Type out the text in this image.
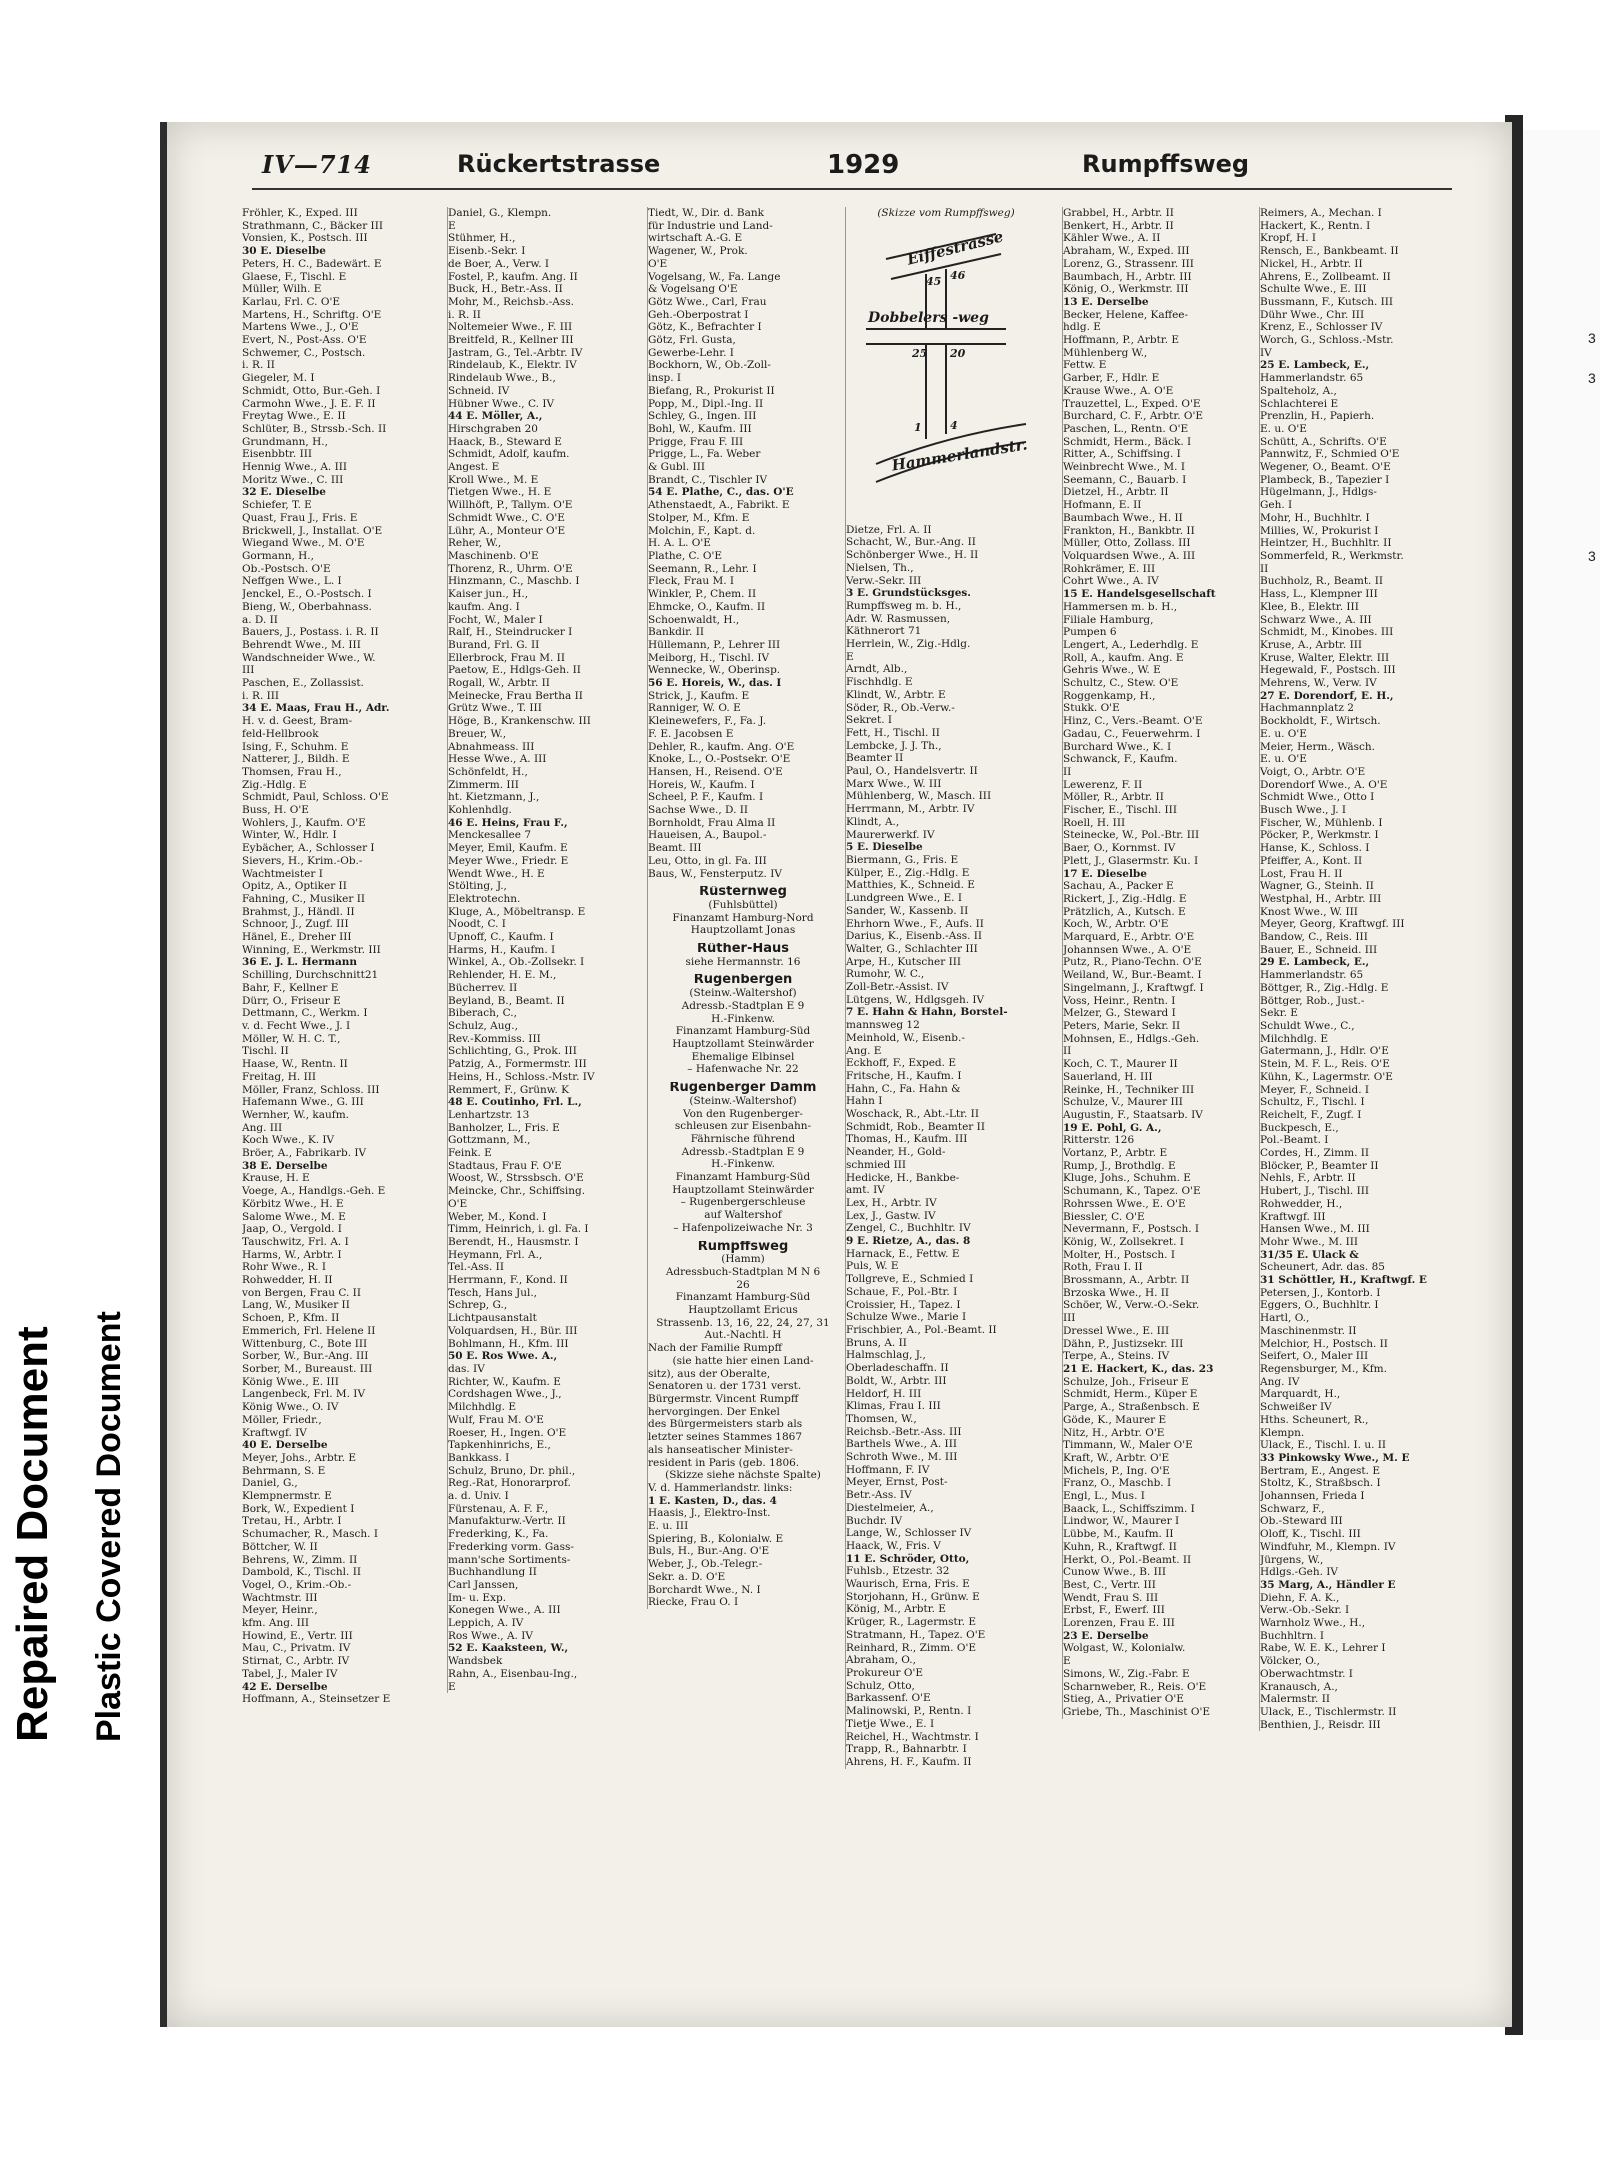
Repaired Document Plastic Covered Document
3
3
3
IV—714	Rückertstrasse	1929	Rumpffsweg

Fröhler, K., Exped. III

Strathmann, C., Bäcker III

Vonsien, K., Postsch. III

30 E. Dieselbe

Peters, H. C., Badewärt. E

Glaese, F., Tischl. E

Müller, Wilh. E

Karlau, Frl. C. O'E

Martens, H., Schriftg. O'E

Martens Wwe., J., O'E

Evert, N., Post-Ass. O'E

Schwemer, C., Postsch.

i. R. II

Giegeler, M. I

Schmidt, Otto, Bur.-Geh. I

Carmohn Wwe., J. E. F. II

Freytag Wwe., E. II

Schlüter, B., Strssb.-Sch. II

Grundmann, H.,

Eisenbbtr. III

Hennig Wwe., A. III

Moritz Wwe., C. III

32 E. Dieselbe

Schiefer, T. E

Quast, Frau J., Fris. E

Brickwell, J., Installat. O'E

Wiegand Wwe., M. O'E

Gormann, H.,

Ob.-Postsch. O'E

Neffgen Wwe., L. I

Jenckel, E., O.-Postsch. I

Bieng, W., Oberbahnass.

a. D. II

Bauers, J., Postass. i. R. II

Behrendt Wwe., M. III

Wandschneider Wwe., W.

III

Paschen, E., Zollassist.

i. R. III

34 E. Maas, Frau H., Adr.

H. v. d. Geest, Bram-

feld-Hellbrook

Ising, F., Schuhm. E

Natterer, J., Bildh. E

Thomsen, Frau H.,

Zig.-Hdlg. E

Schmidt, Paul, Schloss. O'E

Buss, H. O'E

Wohlers, J., Kaufm. O'E

Winter, W., Hdlr. I

Eybächer, A., Schlosser I

Sievers, H., Krim.-Ob.-

Wachtmeister I

Opitz, A., Optiker II

Fahning, C., Musiker II

Brahmst, J., Händl. II

Schnoor, J., Zugf. III

Hänel, E., Dreher III

Winning, E., Werkmstr. III

36 E. J. L. Hermann

Schilling, Durchschnitt21

Bahr, F., Kellner E

Dürr, O., Friseur E

Dettmann, C., Werkm. I

v. d. Fecht Wwe., J. I

Möller, W. H. C. T.,

Tischl. II

Haase, W., Rentn. II

Freitag, H. III

Möller, Franz, Schloss. III

Hafemann Wwe., G. III

Wernher, W., kaufm.

Ang. III

Koch Wwe., K. IV

Bröer, A., Fabrikarb. IV

38 E. Derselbe

Krause, H. E

Voege, A., Handlgs.-Geh. E

Körbitz Wwe., H. E

Salome Wwe., M. E

Jaap, O., Vergold. I

Tauschwitz, Frl. A. I

Harms, W., Arbtr. I

Rohr Wwe., R. I

Rohwedder, H. II

von Bergen, Frau C. II

Lang, W., Musiker II

Schoen, P., Kfm. II

Emmerich, Frl. Helene II

Wittenburg, C., Bote III

Sorber, W., Bur.-Ang. III

Sorber, M., Bureaust. III

König Wwe., E. III

Langenbeck, Frl. M. IV

König Wwe., O. IV

Möller, Friedr.,

Kraftwgf. IV

40 E. Derselbe

Meyer, Johs., Arbtr. E

Behrmann, S. E

Daniel, G.,

Klempnermstr. E

Bork, W., Expedient I

Tretau, H., Arbtr. I

Schumacher, R., Masch. I

Böttcher, W. II

Behrens, W., Zimm. II

Dambold, K., Tischl. II

Vogel, O., Krim.-Ob.-

Wachtmstr. III

Meyer, Heinr.,

kfm. Ang. III

Howind, E., Vertr. III

Mau, C., Privatm. IV

Stirnat, C., Arbtr. IV

Tabel, J., Maler IV

42 E. Derselbe

Hoffmann, A., Steinsetzer E

Daniel, G., Klempn.

E

Stühmer, H.,

Eisenb.-Sekr. I

de Boer, A., Verw. I

Fostel, P., kaufm. Ang. II

Buck, H., Betr.-Ass. II

Mohr, M., Reichsb.-Ass.

i. R. II

Noltemeier Wwe., F. III

Breitfeld, R., Kellner III

Jastram, G., Tel.-Arbtr. IV

Rindelaub, K., Elektr. IV

Rindelaub Wwe., B.,

Schneid. IV

Hübner Wwe., C. IV

44 E. Möller, A.,

Hirschgraben 20

Haack, B., Steward E

Schmidt, Adolf, kaufm.

Angest. E

Kroll Wwe., M. E

Tietgen Wwe., H. E

Willhöft, P., Tallym. O'E

Schmidt Wwe., C. O'E

Lühr, A., Monteur O'E

Reher, W.,

Maschinenb. O'E

Thorenz, R., Uhrm. O'E

Hinzmann, C., Maschb. I

Kaiser jun., H.,

kaufm. Ang. I

Focht, W., Maler I

Ralf, H., Steindrucker I

Burand, Frl. G. II

Ellerbrock, Frau M. II

Paetow, E., Hdlgs-Geh. II

Rogall, W., Arbtr. II

Meinecke, Frau Bertha II

Grütz Wwe., T. III

Höge, B., Krankenschw. III

Breuer, W.,

Abnahmeass. III

Hesse Wwe., A. III

Schönfeldt, H.,

Zimmerm. III

ht. Kietzmann, J.,

Kohlenhdlg.

46 E. Heins, Frau F.,

Menckesallee 7

Meyer, Emil, Kaufm. E

Meyer Wwe., Friedr. E

Wendt Wwe., H. E

Stölting, J.,

Elektrotechn.

Kluge, A., Möbeltransp. E

Noodt, C. I

Upnoff, C., Kaufm. I

Harms, H., Kaufm. I

Winkel, A., Ob.-Zollsekr. I

Rehlender, H. E. M.,

Bücherrev. II

Beyland, B., Beamt. II

Biberach, C.,

Schulz, Aug.,

Rev.-Kommiss. III

Schlichting, G., Prok. III

Patzig, A., Formermstr. III

Heins, H., Schloss.-Mstr. IV

Remmert, F., Grünw. K

48 E. Coutinho, Frl. L.,

Lenhartzstr. 13

Banholzer, L., Fris. E

Gottzmann, M.,

Feink. E

Stadtaus, Frau F. O'E

Woost, W., Strssbsch. O'E

Meincke, Chr., Schiffsing.

O'E

Weber, M., Kond. I

Timm, Heinrich, i. gl. Fa. I

Berendt, H., Hausmstr. I

Heymann, Frl. A.,

Tel.-Ass. II

Herrmann, F., Kond. II

Tesch, Hans Jul.,

Schrep, G.,

Lichtpausanstalt

Volquardsen, H., Bür. III

Bohlmann, H., Kfm. III

50 E. Ros Wwe. A.,

das. IV

Richter, W., Kaufm. E

Cordshagen Wwe., J.,

Milchhdlg. E

Wulf, Frau M. O'E

Roeser, H., Ingen. O'E

Tapkenhinrichs, E.,

Bankkass. I

Schulz, Bruno, Dr. phil.,

Reg.-Rat, Honorarprof.

a. d. Univ. I

Fürstenau, A. F. F.,

Manufakturw.-Vertr. II

Frederking, K., Fa.

Frederking vorm. Gass-

mann'sche Sortiments-

Buchhandlung II

Carl Janssen,

Im- u. Exp.

Konegen Wwe., A. III

Leppich, A. IV

Ros Wwe., A. IV

52 E. Kaaksteen, W.,

Wandsbek

Rahn, A., Eisenbau-Ing.,

E

Tiedt, W., Dir. d. Bank

für Industrie und Land-

wirtschaft A.-G. E

Wagener, W., Prok.

O'E

Vogelsang, W., Fa. Lange

& Vogelsang O'E

Götz Wwe., Carl, Frau

Geh.-Oberpostrat I

Götz, K., Befrachter I

Götz, Frl. Gusta,

Gewerbe-Lehr. I

Bockhorn, W., Ob.-Zoll-

insp. I

Biefang, R., Prokurist II

Popp, M., Dipl.-Ing. II

Schley, G., Ingen. III

Bohl, W., Kaufm. III

Prigge, Frau F. III

Prigge, L., Fa. Weber

& Gubl. III

Brandt, C., Tischler IV

54 E. Plathe, C., das. O'E

Athenstaedt, A., Fabrikt. E

Stolper, M., Kfm. E

Molchin, F., Kapt. d.

H. A. L. O'E

Plathe, C. O'E

Seemann, R., Lehr. I

Fleck, Frau M. I

Winkler, P., Chem. II

Ehmcke, O., Kaufm. II

Schoenwaldt, H.,

Bankdir. II

Hüllemann, P., Lehrer III

Meiborg, H., Tischl. IV

Wennecke, W., Oberinsp.

56 E. Horeis, W., das. I

Strick, J., Kaufm. E

Ranniger, W. O. E

Kleinewefers, F., Fa. J.

F. E. Jacobsen E

Dehler, R., kaufm. Ang. O'E

Knoke, L., O.-Postsekr. O'E

Hansen, H., Reisend. O'E

Horeis, W., Kaufm. I

Scheel, P. F., Kaufm. I

Sachse Wwe., D. II

Bornholdt, Frau Alma II

Haueisen, A., Baupol.-

Beamt. III

Leu, Otto, in gl. Fa. III

Baus, W., Fensterputz. IV

Rüsternweg

(Fuhlsbüttel)

Finanzamt Hamburg-Nord

Hauptzollamt Jonas

Rüther-Haus

siehe Hermannstr. 16

Rugenbergen

(Steinw.-Waltershof)

Adressb.-Stadtplan E 9

H.-Finkenw.

Finanzamt Hamburg-Süd

Hauptzollamt Steinwärder

Ehemalige Elbinsel

– Hafenwache Nr. 22

Rugenberger Damm

(Steinw.-Waltershof)

Von den Rugenberger-

schleusen zur Eisenbahn-

Fährnische führend

Adressb.-Stadtplan E 9

H.-Finkenw.

Finanzamt Hamburg-Süd

Hauptzollamt Steinwärder

– Rugenbergerschleuse

auf Waltershof

– Hafenpolizeiwache Nr. 3

Rumpffsweg

(Hamm)

Adressbuch-Stadtplan M N 6

26

Finanzamt Hamburg-Süd

Hauptzollamt Ericus

Strassenb. 13, 16, 22, 24, 27, 31

Aut.-Nachtl. H

Nach der Familie Rumpff

(sie hatte hier einen Land-

sitz), aus der Oberalte,

Senatoren u. der 1731 verst.

Bürgermstr. Vincent Rumpff

hervorgingen. Der Enkel

des Bürgermeisters starb als

letzter seines Stammes 1867

als hanseatischer Minister-

resident in Paris (geb. 1806.

(Skizze siehe nächste Spalte)

V. d. Hammerlandstr. links:

1 E. Kasten, D., das. 4

Haasis, J., Elektro-Inst.

E. u. III

Spiering, B., Kolonialw. E

Buls, H., Bur.-Ang. O'E

Weber, J., Ob.-Telegr.-

Sekr. a. D. O'E

Borchardt Wwe., N. I

Riecke, Frau O. I

(Skizze vom Rumpffsweg)

Eiffestrasse
45 46
Dobbelers -weg
25 20
1	4
Hammerlandstr.

Dietze, Frl. A. II

Schacht, W., Bur.-Ang. II

Schönberger Wwe., H. II

Nielsen, Th.,

Verw.-Sekr. III

3 E. Grundstücksges.

Rumpffsweg m. b. H.,

Adr. W. Rasmussen,

Käthnerort 71

Herrlein, W., Zig.-Hdlg.

E

Arndt, Alb.,

Fischhdlg. E

Klindt, W., Arbtr. E

Söder, R., Ob.-Verw.-

Sekret. I

Fett, H., Tischl. II

Lembcke, J. J. Th.,

Beamter II

Paul, O., Handelsvertr. II

Marx Wwe., W. III

Mühlenberg, W., Masch. III

Herrmann, M., Arbtr. IV

Klindt, A.,

Maurerwerkf. IV

5 E. Dieselbe

Biermann, G., Fris. E

Külper, E., Zig.-Hdlg. E

Matthies, K., Schneid. E

Lundgreen Wwe., E. I

Sander, W., Kassenb. II

Ehrhorn Wwe., F., Aufs. II

Darius, K., Eisenb.-Ass. II

Walter, G., Schlachter III

Arpe, H., Kutscher III

Rumohr, W. C.,

Zoll-Betr.-Assist. IV

Lütgens, W., Hdlgsgeh. IV

7 E. Hahn & Hahn, Borstel-

mannsweg 12

Meinhold, W., Eisenb.-

Ang. E

Eckhoff, F., Exped. E

Fritsche, H., Kaufm. I

Hahn, C., Fa. Hahn &

Hahn I

Woschack, R., Abt.-Ltr. II

Schmidt, Rob., Beamter II

Thomas, H., Kaufm. III

Neander, H., Gold-

schmied III

Hedicke, H., Bankbe-

amt. IV

Lex, H., Arbtr. IV

Lex, J., Gastw. IV

Zengel, C., Buchhltr. IV

9 E. Rietze, A., das. 8

Harnack, E., Fettw. E

Puls, W. E

Tollgreve, E., Schmied I

Schaue, F., Pol.-Btr. I

Croissier, H., Tapez. I

Schulze Wwe., Marie I

Frischbier, A., Pol.-Beamt. II

Bruns, A. II

Halmschlag, J.,

Oberladeschaffn. II

Boldt, W., Arbtr. III

Heldorf, H. III

Klimas, Frau I. III

Thomsen, W.,

Reichsb.-Betr.-Ass. III

Barthels Wwe., A. III

Schroth Wwe., M. III

Hoffmann, F. IV

Meyer, Ernst, Post-

Betr.-Ass. IV

Diestelmeier, A.,

Buchdr. IV

Lange, W., Schlosser IV

Haack, W., Fris. V

11 E. Schröder, Otto,

Fuhlsb., Etzestr. 32

Waurisch, Erna, Fris. E

Storjohann, H., Grünw. E

König, M., Arbtr. E

Krüger, R., Lagermstr. E

Stratmann, H., Tapez. O'E

Reinhard, R., Zimm. O'E

Abraham, O.,

Prokureur O'E

Schulz, Otto,

Barkassenf. O'E

Malinowski, P., Rentn. I

Tietje Wwe., E. I

Reichel, H., Wachtmstr. I

Trapp, R., Bahnarbtr. I

Ahrens, H. F., Kaufm. II

Grabbel, H., Arbtr. II

Benkert, H., Arbtr. II

Kähler Wwe., A. II

Abraham, W., Exped. III

Lorenz, G., Strassenr. III

Baumbach, H., Arbtr. III

König, O., Werkmstr. III

13 E. Derselbe

Becker, Helene, Kaffee-

hdlg. E

Hoffmann, P., Arbtr. E

Mühlenberg W.,

Fettw. E

Garber, F., Hdlr. E

Krause Wwe., A. O'E

Trauzettel, L., Exped. O'E

Burchard, C. F., Arbtr. O'E

Paschen, L., Rentn. O'E

Schmidt, Herm., Bäck. I

Ritter, A., Schiffsing. I

Weinbrecht Wwe., M. I

Seemann, C., Bauarb. I

Dietzel, H., Arbtr. II

Hofmann, E. II

Baumbach Wwe., H. II

Frankton, H., Bankbtr. II

Müller, Otto, Zollass. III

Volquardsen Wwe., A. III

Rohkrämer, E. III

Cohrt Wwe., A. IV

15 E. Handelsgesellschaft

Hammersen m. b. H.,

Filiale Hamburg,

Pumpen 6

Lengert, A., Lederhdlg. E

Roll, A., kaufm. Ang. E

Gehris Wwe., W. E

Schultz, C., Stew. O'E

Roggenkamp, H.,

Stukk. O'E

Hinz, C., Vers.-Beamt. O'E

Gadau, C., Feuerwehrm. I

Burchard Wwe., K. I

Schwanck, F., Kaufm.

II

Lewerenz, F. II

Möller, R., Arbtr. II

Fischer, E., Tischl. III

Roell, H. III

Steinecke, W., Pol.-Btr. III

Baer, O., Kornmst. IV

Plett, J., Glasermstr. Ku. I

17 E. Dieselbe

Sachau, A., Packer E

Rickert, J., Zig.-Hdlg. E

Prätzlich, A., Kutsch. E

Koch, W., Arbtr. O'E

Marquard, E., Arbtr. O'E

Johannsen Wwe., A. O'E

Putz, R., Piano-Techn. O'E

Weiland, W., Bur.-Beamt. I

Singelmann, J., Kraftwgf. I

Voss, Heinr., Rentn. I

Melzer, G., Steward I

Peters, Marie, Sekr. II

Mohnsen, E., Hdlgs.-Geh.

II

Koch, C. T., Maurer II

Sauerland, H. III

Reinke, H., Techniker III

Schulze, V., Maurer III

Augustin, F., Staatsarb. IV

19 E. Pohl, G. A.,

Ritterstr. 126

Vortanz, P., Arbtr. E

Rump, J., Brothdlg. E

Kluge, Johs., Schuhm. E

Schumann, K., Tapez. O'E

Rohrssen Wwe., E. O'E

Biessler, C. O'E

Nevermann, F., Postsch. I

König, W., Zollsekret. I

Molter, H., Postsch. I

Roth, Frau I. II

Brossmann, A., Arbtr. II

Brzoska Wwe., H. II

Schöer, W., Verw.-O.-Sekr.

III

Dressel Wwe., E. III

Dähn, P., Justizsekr. III

Terpe, A., Steins. IV

21 E. Hackert, K., das. 23

Schulze, Joh., Friseur E

Schmidt, Herm., Küper E

Parge, A., Straßenbsch. E

Göde, K., Maurer E

Nitz, H., Arbtr. O'E

Timmann, W., Maler O'E

Kraft, W., Arbtr. O'E

Michels, P., Ing. O'E

Franz, O., Maschb. I

Engl, L., Mus. I

Baack, L., Schiffszimm. I

Lindwor, W., Maurer I

Lübbe, M., Kaufm. II

Kuhn, R., Kraftwgf. II

Herkt, O., Pol.-Beamt. II

Cunow Wwe., B. III

Best, C., Vertr. III

Wendt, Frau S. III

Erbst, F., Ewerf. III

Lorenzen, Frau E. III

23 E. Derselbe

Wolgast, W., Kolonialw.

E

Simons, W., Zig.-Fabr. E

Scharnweber, R., Reis. O'E

Stieg, A., Privatier O'E

Griebe, Th., Maschinist O'E

Reimers, A., Mechan. I

Hackert, K., Rentn. I

Kropf, H. I

Rensch, E., Bankbeamt. II

Nickel, H., Arbtr. II

Ahrens, E., Zollbeamt. II

Schulte Wwe., E. III

Bussmann, F., Kutsch. III

Dühr Wwe., Chr. III

Krenz, E., Schlosser IV

Worch, G., Schloss.-Mstr.

IV

25 E. Lambeck, E.,

Hammerlandstr. 65

Spalteholz, A.,

Schlachterei E

Prenzlin, H., Papierh.

E. u. O'E

Schütt, A., Schrifts. O'E

Pannwitz, F., Schmied O'E

Wegener, O., Beamt. O'E

Plambeck, B., Tapezier I

Hügelmann, J., Hdlgs-

Geh. I

Mohr, H., Buchhltr. I

Millies, W., Prokurist I

Heintzer, H., Buchhltr. II

Sommerfeld, R., Werkmstr.

II

Buchholz, R., Beamt. II

Hass, L., Klempner III

Klee, B., Elektr. III

Schwarz Wwe., A. III

Schmidt, M., Kinobes. III

Kruse, A., Arbtr. III

Kruse, Walter, Elektr. III

Hegewald, F., Postsch. III

Mehrens, W., Verw. IV

27 E. Dorendorf, E. H.,

Hachmannplatz 2

Bockholdt, F., Wirtsch.

E. u. O'E

Meier, Herm., Wäsch.

E. u. O'E

Voigt, O., Arbtr. O'E

Dorendorf Wwe., A. O'E

Schmidt Wwe., Otto I

Busch Wwe., J. I

Fischer, W., Mühlenb. I

Pöcker, P., Werkmstr. I

Hanse, K., Schloss. I

Pfeiffer, A., Kont. II

Lost, Frau H. II

Wagner, G., Steinh. II

Westphal, H., Arbtr. III

Knost Wwe., W. III

Meyer, Georg, Kraftwgf. III

Bandow, C., Reis. III

Bauer, E., Schneid. III

29 E. Lambeck, E.,

Hammerlandstr. 65

Böttger, R., Zig.-Hdlg. E

Böttger, Rob., Just.-

Sekr. E

Schuldt Wwe., C.,

Milchhdlg. E

Gatermann, J., Hdlr. O'E

Stein, M. F. L., Reis. O'E

Kühn, K., Lagermstr. O'E

Meyer, F., Schneid. I

Schultz, F., Tischl. I

Reichelt, F., Zugf. I

Buckpesch, E.,

Pol.-Beamt. I

Cordes, H., Zimm. II

Blöcker, P., Beamter II

Nehls, F., Arbtr. II

Hubert, J., Tischl. III

Rohwedder, H.,

Kraftwgf. III

Hansen Wwe., M. III

Mohr Wwe., M. III

31/35 E. Ulack &

Scheunert, Adr. das. 85

31 Schöttler, H., Kraftwgf. E

Petersen, J., Kontorb. I

Eggers, O., Buchhltr. I

Hartl, O.,

Maschinenmstr. II

Melchior, H., Postsch. II

Seifert, O., Maler III

Regensburger, M., Kfm.

Ang. IV

Marquardt, H.,

Schweißer IV

Hths. Scheunert, R.,

Klempn.

Ulack, E., Tischl. I. u. II

33 Pinkowsky Wwe., M. E

Bertram, E., Angest. E

Stoltz, K., Straßbsch. I

Johannsen, Frieda I

Schwarz, F.,

Ob.-Steward III

Oloff, K., Tischl. III

Windfuhr, M., Klempn. IV

Jürgens, W.,

Hdlgs.-Geh. IV

35 Marg, A., Händler E

Diehn, F. A. K.,

Verw.-Ob.-Sekr. I

Warnholz Wwe., H.,

Buchhltrn. I

Rabe, W. E. K., Lehrer I

Völcker, O.,

Oberwachtmstr. I

Kranausch, A.,

Malermstr. II

Ulack, E., Tischlermstr. II

Benthien, J., Reisdr. III
